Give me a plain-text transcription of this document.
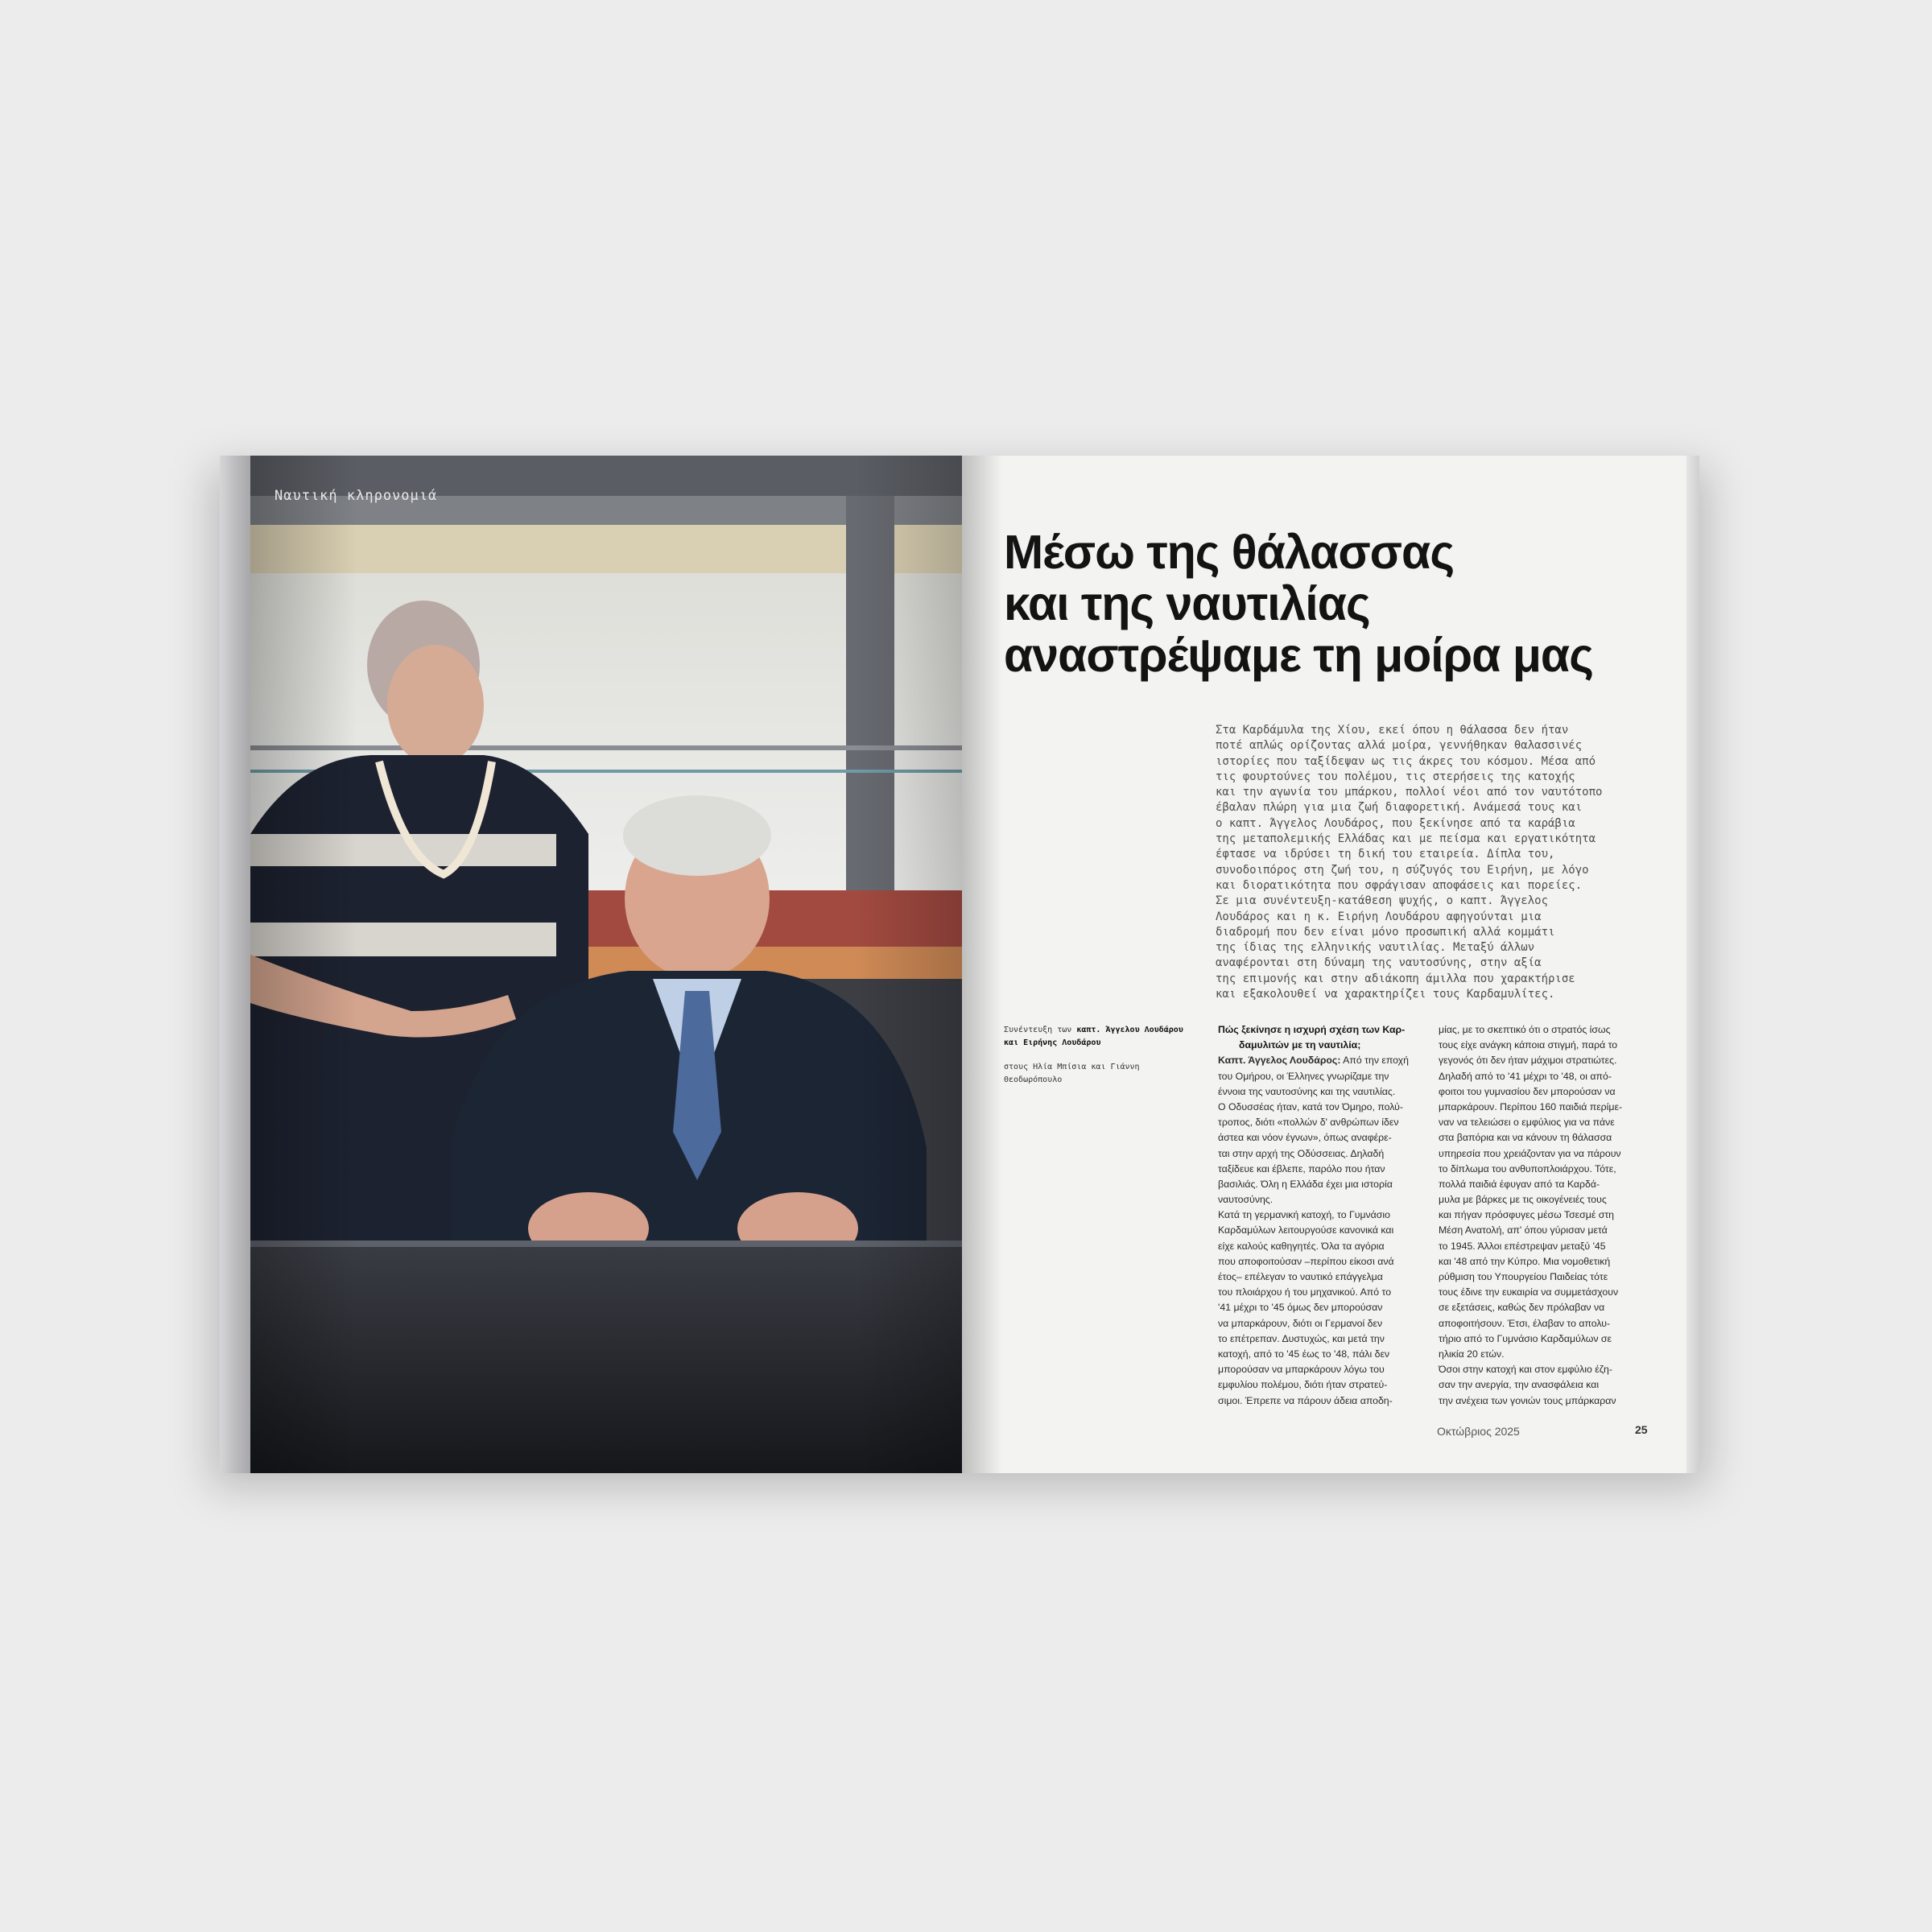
Ναυτική κληρονομιά
Μέσω της θάλασσας
και της ναυτιλίας
αναστρέψαμε τη μοίρα μας
Στα Καρδάμυλα της Χίου, εκεί όπου η θάλασσα δεν ήταν
ποτέ απλώς ορίζοντας αλλά μοίρα, γεννήθηκαν θαλασσινές
ιστορίες που ταξίδεψαν ως τις άκρες του κόσμου. Μέσα από
τις φουρτούνες του πολέμου, τις στερήσεις της κατοχής
και την αγωνία του μπάρκου, πολλοί νέοι από τον ναυτότοπο
έβαλαν πλώρη για μια ζωή διαφορετική. Ανάμεσά τους και
ο καπτ. Άγγελος Λουδάρος, που ξεκίνησε από τα καράβια
της μεταπολεμικής Ελλάδας και με πείσμα και εργατικότητα
έφτασε να ιδρύσει τη δική του εταιρεία. Δίπλα του,
συνοδοιπόρος στη ζωή του, η σύζυγός του Ειρήνη, με λόγο
και διορατικότητα που σφράγισαν αποφάσεις και πορείες.
Σε μια συνέντευξη-κατάθεση ψυχής, ο καπτ. Άγγελος
Λουδάρος και η κ. Ειρήνη Λουδάρου αφηγούνται μια
διαδρομή που δεν είναι μόνο προσωπική αλλά κομμάτι
της ίδιας της ελληνικής ναυτιλίας. Μεταξύ άλλων
αναφέρονται στη δύναμη της ναυτοσύνης, στην αξία
της επιμονής και στην αδιάκοπη άμιλλα που χαρακτήρισε
και εξακολουθεί να χαρακτηρίζει τους Καρδαμυλίτες.
Συνέντευξη των καπτ. Άγγελου Λουδάρου
και Ειρήνης Λουδάρου
στους Ηλία Μπίσια και Γιάννη Θεοδωρόπουλο
Πώς ξεκίνησε η ισχυρή σχέση των Καρ-
δαμυλιτών με τη ναυτιλία;
Καπτ. Άγγελος Λουδάρος: Από την εποχή
του Ομήρου, οι Έλληνες γνωρίζαμε την
έννοια της ναυτοσύνης και της ναυτιλίας.
Ο Οδυσσέας ήταν, κατά τον Όμηρο, πολύ-
τροπος, διότι «πολλών δ' ανθρώπων ίδεν
άστεα και νόον έγνων», όπως αναφέρε-
ται στην αρχή της Οδύσσειας. Δηλαδή
ταξίδευε και έβλεπε, παρόλο που ήταν
βασιλιάς. Όλη η Ελλάδα έχει μια ιστορία
ναυτοσύνης.
Κατά τη γερμανική κατοχή, το Γυμνάσιο
Καρδαμύλων λειτουργούσε κανονικά και
είχε καλούς καθηγητές. Όλα τα αγόρια
που αποφοιτούσαν –περίπου είκοσι ανά
έτος– επέλεγαν το ναυτικό επάγγελμα
του πλοιάρχου ή του μηχανικού. Από το
'41 μέχρι το '45 όμως δεν μπορούσαν
να μπαρκάρουν, διότι οι Γερμανοί δεν
το επέτρεπαν. Δυστυχώς, και μετά την
κατοχή, από το '45 έως το '48, πάλι δεν
μπορούσαν να μπαρκάρουν λόγω του
εμφυλίου πολέμου, διότι ήταν στρατεύ-
σιμοι. Έπρεπε να πάρουν άδεια αποδη-
μίας, με το σκεπτικό ότι ο στρατός ίσως
τους είχε ανάγκη κάποια στιγμή, παρά το
γεγονός ότι δεν ήταν μάχιμοι στρατιώτες.
Δηλαδή από το '41 μέχρι το '48, οι από-
φοιτοι του γυμνασίου δεν μπορούσαν να
μπαρκάρουν. Περίπου 160 παιδιά περίμε-
ναν να τελειώσει ο εμφύλιος για να πάνε
στα βαπόρια και να κάνουν τη θάλασσα
υπηρεσία που χρειάζονταν για να πάρουν
το δίπλωμα του ανθυποπλοιάρχου. Τότε,
πολλά παιδιά έφυγαν από τα Καρδά-
μυλα με βάρκες με τις οικογένειές τους
και πήγαν πρόσφυγες μέσω Τσεσμέ στη
Μέση Ανατολή, απ' όπου γύρισαν μετά
το 1945. Άλλοι επέστρεψαν μεταξύ '45
και '48 από την Κύπρο. Μια νομοθετική
ρύθμιση του Υπουργείου Παιδείας τότε
τους έδινε την ευκαιρία να συμμετάσχουν
σε εξετάσεις, καθώς δεν πρόλαβαν να
αποφοιτήσουν. Έτσι, έλαβαν το απολυ-
τήριο από το Γυμνάσιο Καρδαμύλων σε
ηλικία 20 ετών.
Όσοι στην κατοχή και στον εμφύλιο έζη-
σαν την ανεργία, την ανασφάλεια και
την ανέχεια των γονιών τους μπάρκαραν
Οκτώβριος 2025	25
